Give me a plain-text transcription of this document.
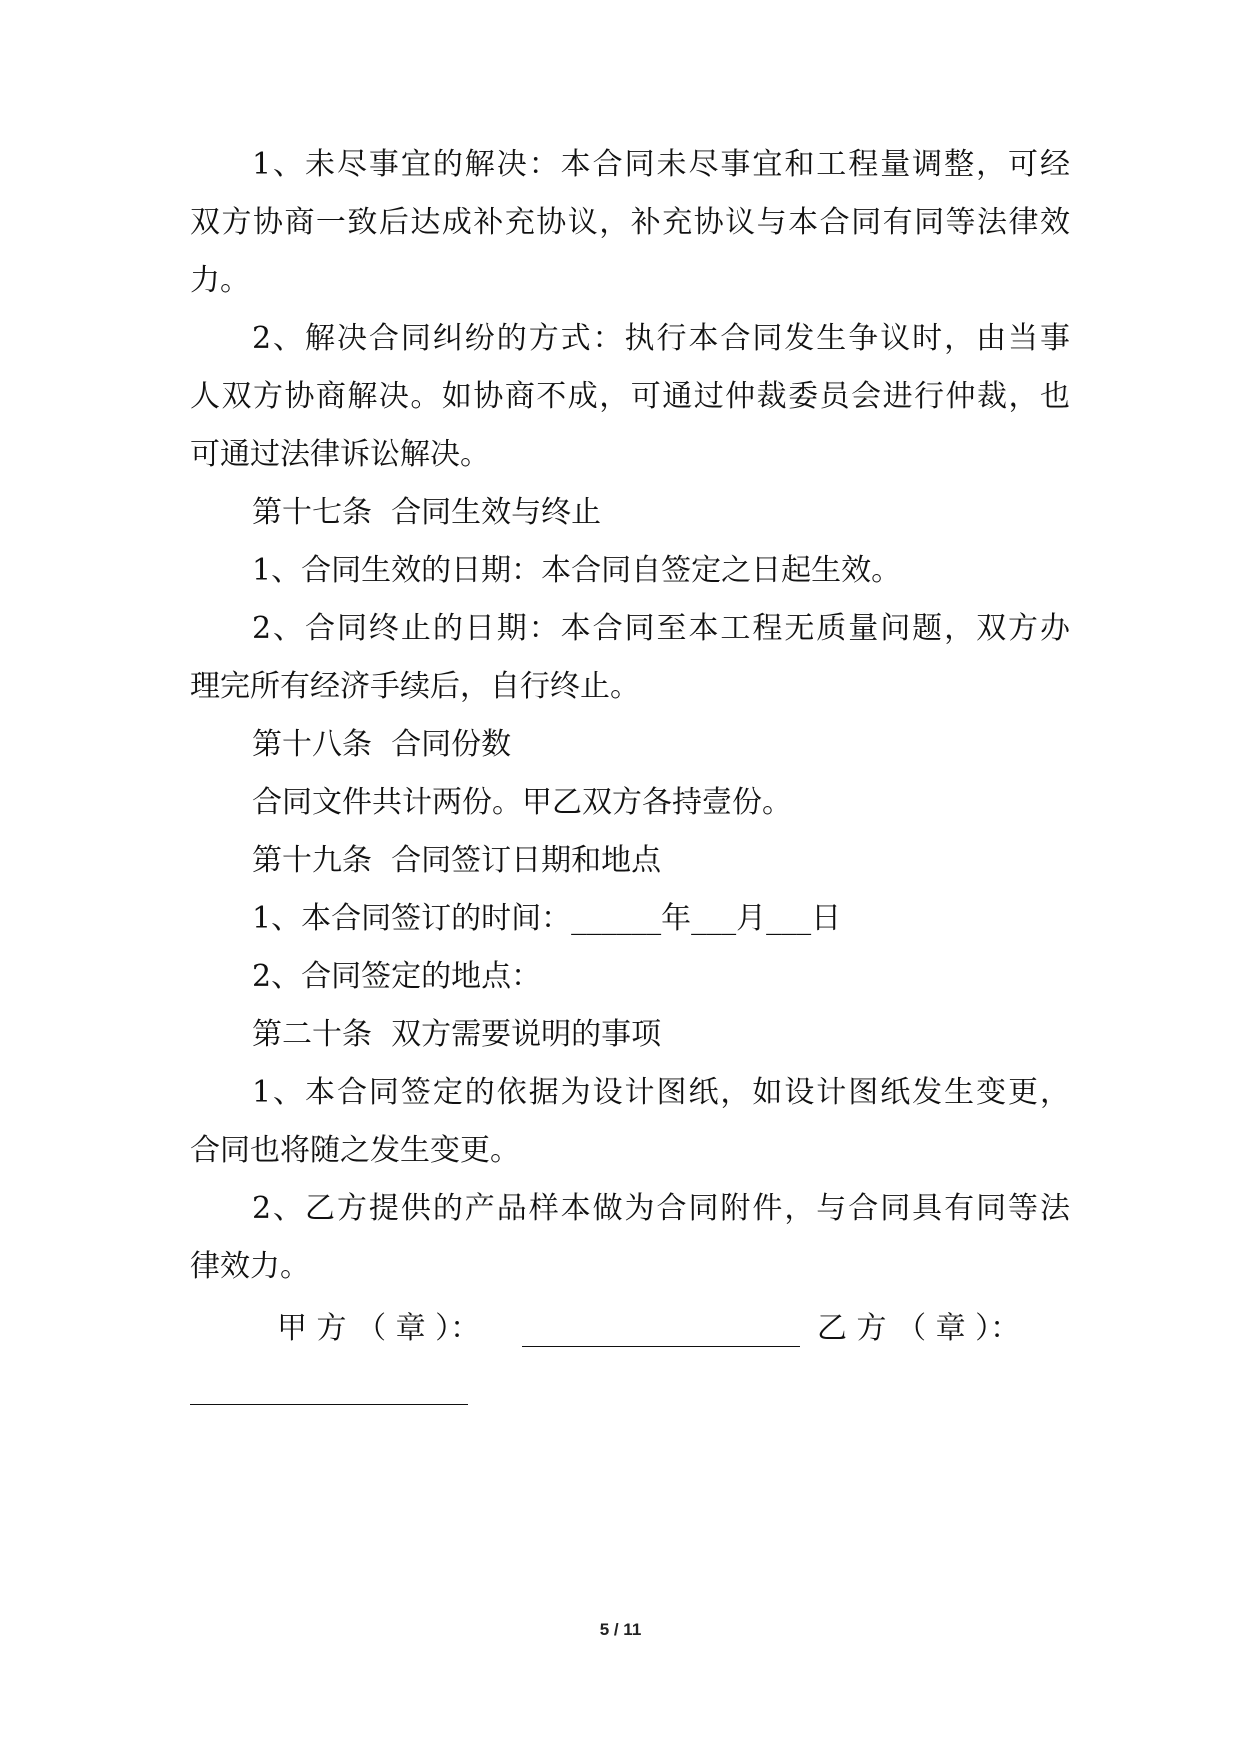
1、未尽事宜的解决：本合同未尽事宜和工程量调整，可经
双方协商一致后达成补充协议，补充协议与本合同有同等法律效
力。
2、解决合同纠纷的方式：执行本合同发生争议时，由当事
人双方协商解决。如协商不成，可通过仲裁委员会进行仲裁，也
可通过法律诉讼解决。
第十七条  合同生效与终止
1、合同生效的日期：本合同自签定之日起生效。
2、合同终止的日期：本合同至本工程无质量问题，双方办
理完所有经济手续后，自行终止。
第十八条  合同份数
合同文件共计两份。甲乙双方各持壹份。
第十九条  合同签订日期和地点
1、本合同签订的时间：______年___月___日
2、合同签定的地点：
第二十条  双方需要说明的事项
1、本合同签定的依据为设计图纸，如设计图纸发生变更，
合同也将随之发生变更。
2、乙方提供的产品样本做为合同附件，与合同具有同等法
律效力。
甲 方 （ 章 ）：	乙 方 （ 章 ）：
5 / 11
